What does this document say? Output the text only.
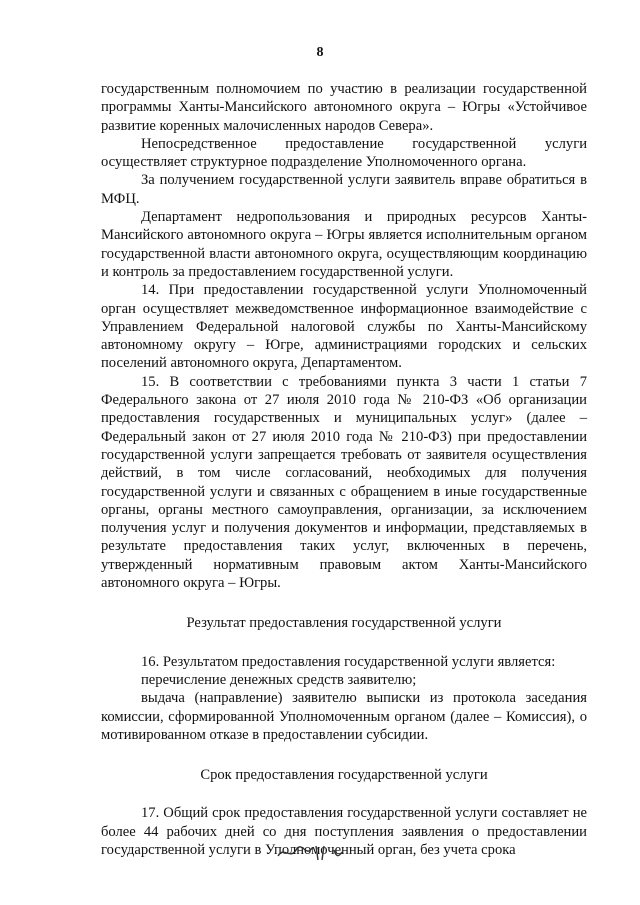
8

государственным полномочием по участию в реализации государственной программы Ханты-Мансийского автономного округа – Югры «Устойчивое развитие коренных малочисленных народов Севера».

Непосредственное предоставление государственной услуги осуществляет структурное подразделение Уполномоченного органа.

За получением государственной услуги заявитель вправе обратиться в МФЦ.

Департамент недропользования и природных ресурсов Ханты-Мансийского автономного округа – Югры является исполнительным органом государственной власти автономного округа, осуществляющим координацию и контроль за предоставлением государственной услуги.

14. При предоставлении государственной услуги Уполномоченный орган осуществляет межведомственное информационное взаимодействие с Управлением Федеральной налоговой службы по Ханты-Мансийскому автономному округу – Югре, администрациями городских и сельских поселений автономного округа, Департаментом.

15. В соответствии с требованиями пункта 3 части 1 статьи 7 Федерального закона от 27 июля 2010 года № 210-ФЗ «Об организации предоставления государственных и муниципальных услуг» (далее – Федеральный закон от 27 июля 2010 года № 210-ФЗ) при предоставлении государственной услуги запрещается требовать от заявителя осуществления действий, в том числе согласований, необходимых для получения государственной услуги и связанных с обращением в иные государственные органы, органы местного самоуправления, организации, за исключением получения услуг и получения документов и информации, представляемых в результате предоставления таких услуг, включенных в перечень, утвержденный нормативным правовым актом Ханты-Мансийского автономного округа – Югры.

Результат предоставления государственной услуги

16. Результатом предоставления государственной услуги является:

перечисление денежных средств заявителю;

выдача (направление) заявителю выписки из протокола заседания комиссии, сформированной Уполномоченным органом (далее – Комиссия), о мотивированном отказе в предоставлении субсидии.

Срок предоставления государственной услуги

17. Общий срок предоставления государственной услуги составляет не более 44 рабочих дней со дня поступления заявления о предоставлении государственной услуги в Уполномоченный орган, без учета срока
